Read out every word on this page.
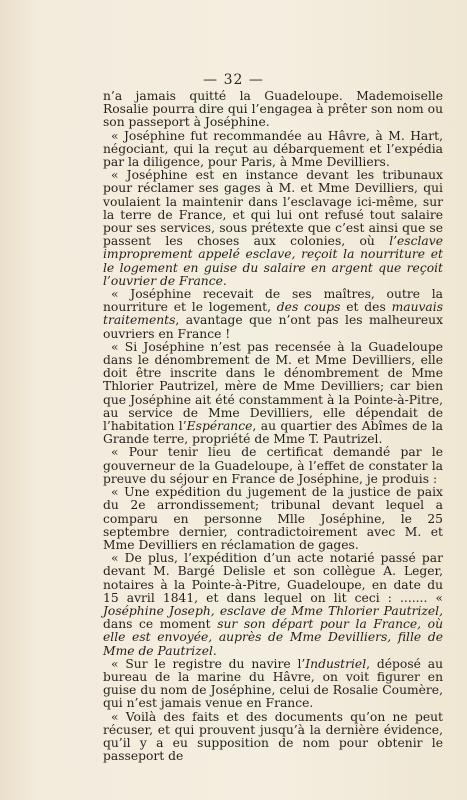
— 32 —

n’a jamais quitté la Guadeloupe. Mademoiselle Rosalie pourra dire qui l’engagea à prêter son nom ou son passeport à Joséphine.

« Joséphine fut recommandée au Hâvre, à M. Hart, négociant, qui la reçut au débarquement et l’expédia par la diligence, pour Paris, à Mme Devilliers.

« Joséphine est en instance devant les tribunaux pour réclamer ses gages à M. et Mme Devilliers, qui voulaient la maintenir dans l’esclavage ici-même, sur la terre de France, et qui lui ont refusé tout salaire pour ses services, sous prétexte que c’est ainsi que se passent les choses aux colonies, où l’esclave improprement appelé esclave, reçoit la nourriture et le logement en guise du salaire en argent que reçoit l’ouvrier de France.

« Joséphine recevait de ses maîtres, outre la nourriture et le logement, des coups et des mauvais traitements, avantage que n’ont pas les malheureux ouvriers en France !

« Si Joséphine n’est pas recensée à la Guadeloupe dans le dénombrement de M. et Mme Devilliers, elle doit être inscrite dans le dénombrement de Mme Thlorier Pautrizel, mère de Mme Devilliers; car bien que Joséphine ait été constamment à la Pointe-à-Pitre, au service de Mme Devilliers, elle dépendait de l’habitation l’Espérance, au quartier des Abîmes de la Grande terre, propriété de Mme T. Pautrizel.

« Pour tenir lieu de certificat demandé par le gouverneur de la Guadeloupe, à l’effet de constater la preuve du séjour en France de Joséphine, je produis :

« Une expédition du jugement de la justice de paix du 2e arrondissement; tribunal devant lequel a comparu en personne Mlle Joséphine, le 25 septembre dernier, contradictoirement avec M. et Mme Devilliers en réclamation de gages.

« De plus, l’expédition d’un acte notarié passé par devant M. Bargé Delisle et son collègue A. Leger, notaires à la Pointe-à-Pitre, Guadeloupe, en date du 15 avril 1841, et dans lequel on lit ceci : ....... « Joséphine Joseph, esclave de Mme Thlorier Pautrizel, dans ce moment sur son départ pour la France, où elle est envoyée, auprès de Mme Devilliers, fille de Mme de Pautrizel.

« Sur le registre du navire l’Industriel, déposé au bureau de la marine du Hâvre, on voit figurer en guise du nom de Joséphine, celui de Rosalie Coumère, qui n’est jamais venue en France.

« Voilà des faits et des documents qu’on ne peut récuser, et qui prouvent jusqu’à la dernière évidence, qu’il y a eu supposition de nom pour obtenir le passeport de
